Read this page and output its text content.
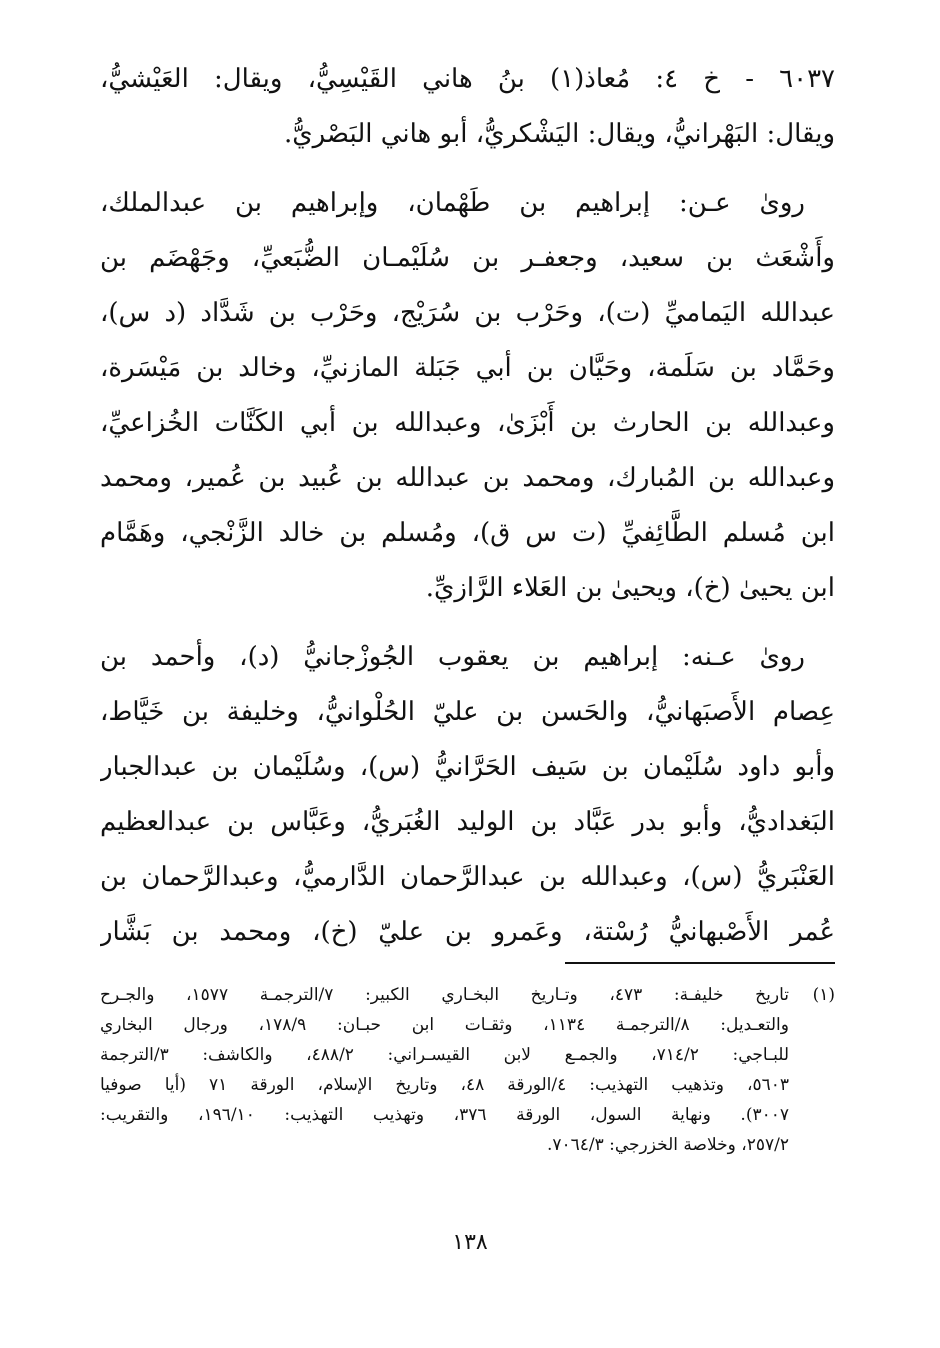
٦٠٣٧ - خ ٤: مُعاذ(١) بنُ هاني القَيْسِيُّ، ويقال: العَيْشيُّ،
ويقال: البَهْرانيُّ، ويقال: اليَشْكريُّ، أبو هاني البَصْريُّ.
روىٰ عـن: إبراهيم بن طَهْمان، وإبراهيم بن عبدالملك،
وأَشْعَث بن سعيد، وجعفـر بن سُلَيْمـان الضُّبَعيِّ، وجَهْضَم بن
عبدالله اليَماميِّ (ت)، وحَرْب بن سُرَيْج، وحَرْب بن شَدَّاد (د س)،
وحَمَّاد بن سَلَمة، وحَيَّان بن أبي جَبَلة المازنيِّ، وخالد بن مَيْسَرة،
وعبدالله بن الحارث بن أَبْزَىٰ، وعبدالله بن أبي الكَنَّات الخُزاعيِّ،
وعبدالله بن المُبارك، ومحمد بن عبدالله بن عُبيد بن عُمير، ومحمد
ابن مُسلم الطَّائِفيِّ (ت س ق)، ومُسلم بن خالد الزَّنْجي، وهَمَّام
ابن يحيىٰ (خ)، ويحيىٰ بن العَلاء الرَّازيِّ.
روىٰ عـنه: إبراهيم بن يعقوب الجُوزْجانيُّ (د)، وأحمد بن
عِصام الأَصبَهانيُّ، والحَسن بن عليّ الحُلْوانيُّ، وخليفة بن خَيَّاط،
وأبو داود سُلَيْمان بن سَيف الحَرَّانيُّ (س)، وسُلَيْمان بن عبدالجبار
البَغداديُّ، وأبو بدر عَبَّاد بن الوليد الغُبَريُّ، وعَبَّاس بن عبدالعظيم
العَنْبَريُّ (س)، وعبدالله بن عبدالرَّحمان الدَّارميُّ، وعبدالرَّحمان بن
عُمر الأَصْبهانيُّ رُسْتة، وعَمرو بن عليّ (خ)، ومحمد بن بَشَّار
(١)
تاريخ خليفـة: ٤٧٣، وتـاريخ البخـاري الكبير: ٧/الترجمـة ١٥٧٧، والجـرح
والتعـديل: ٨/الترجمـة ١١٣٤، وثقـات ابن حبـان: ١٧٨/٩، ورجال البخاري
للبـاجي: ٧١٤/٢، والجمـع لابن القيسـراني: ٤٨٨/٢، والكاشف: ٣/الترجمة
٥٦٠٣، وتذهيب التهذيب: ٤/الورقة ٤٨، وتاريخ الإسلام، الورقة ٧١ (أيا صوفيا
٣٠٠٧). ونهاية السول، الورقة ٣٧٦، وتهذيب التهذيب: ١٩٦/١٠، والتقريب:
٢٥٧/٢، وخلاصة الخزرجي: ٧٠٦٤/٣.
١٣٨
